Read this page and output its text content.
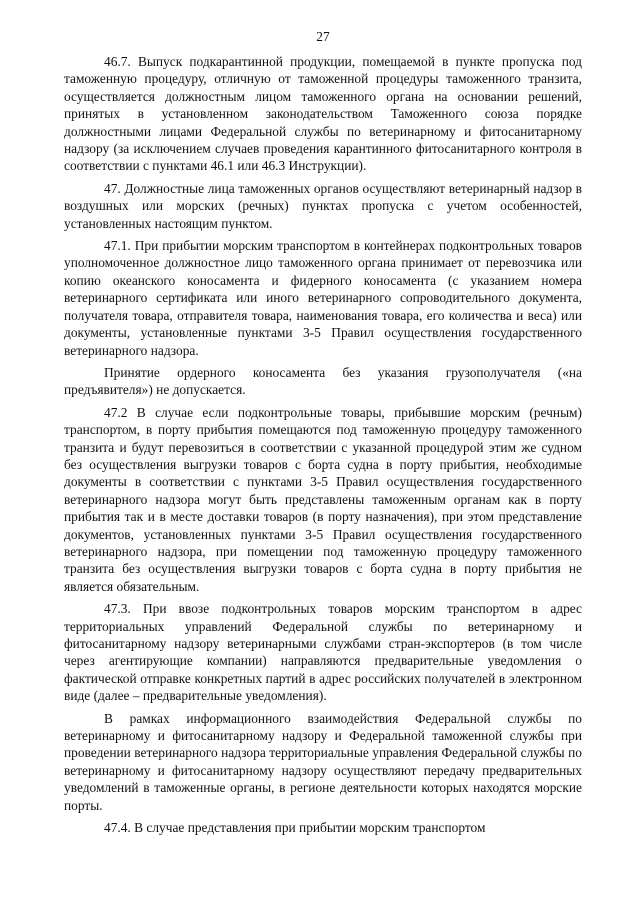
27

46.7. Выпуск подкарантинной продукции, помещаемой в пункте пропуска под таможенную процедуру, отличную от таможенной процедуры таможенного транзита, осуществляется должностным лицом таможенного органа на основании решений, принятых в установленном законодательством Таможенного союза порядке должностными лицами Федеральной службы по ветеринарному и фитосанитарному надзору (за исключением случаев проведения карантинного фитосанитарного контроля в соответствии с пунктами 46.1 или 46.3 Инструкции).

47. Должностные лица таможенных органов осуществляют ветеринарный надзор в воздушных или морских (речных) пунктах пропуска с учетом особенностей, установленных настоящим пунктом.

47.1. При прибытии морским транспортом в контейнерах подконтрольных товаров уполномоченное должностное лицо таможенного органа принимает от перевозчика или копию океанского коносамента и фидерного коносамента (с указанием номера ветеринарного сертификата или иного ветеринарного сопроводительного документа, получателя товара, отправителя товара, наименования товара, его количества и веса) или документы, установленные пунктами 3-5 Правил осуществления государственного ветеринарного надзора.

Принятие ордерного коносамента без указания грузополучателя («на предъявителя») не допускается.

47.2 В случае если подконтрольные товары, прибывшие морским (речным) транспортом, в порту прибытия помещаются под таможенную процедуру таможенного транзита и будут перевозиться в соответствии с указанной процедурой этим же судном без осуществления выгрузки товаров с борта судна в порту прибытия, необходимые документы в соответствии с пунктами 3-5 Правил осуществления государственного ветеринарного надзора могут быть представлены таможенным органам как в порту прибытия так и в месте доставки товаров (в порту назначения), при этом представление документов, установленных пунктами 3-5 Правил осуществления государственного ветеринарного надзора, при помещении под таможенную процедуру таможенного транзита без осуществления выгрузки товаров с борта судна в порту прибытия не является обязательным.

47.3. При ввозе подконтрольных товаров морским транспортом в адрес территориальных управлений Федеральной службы по ветеринарному и фитосанитарному надзору ветеринарными службами стран-экспортеров (в том числе через агентирующие компании) направляются предварительные уведомления о фактической отправке конкретных партий в адрес российских получателей в электронном виде (далее – предварительные уведомления).

В рамках информационного взаимодействия Федеральной службы по ветеринарному и фитосанитарному надзору и Федеральной таможенной службы при проведении ветеринарного надзора территориальные управления Федеральной службы по ветеринарному и фитосанитарному надзору осуществляют передачу предварительных уведомлений в таможенные органы, в регионе деятельности которых находятся морские порты.

47.4. В случае представления при прибытии морским транспортом
